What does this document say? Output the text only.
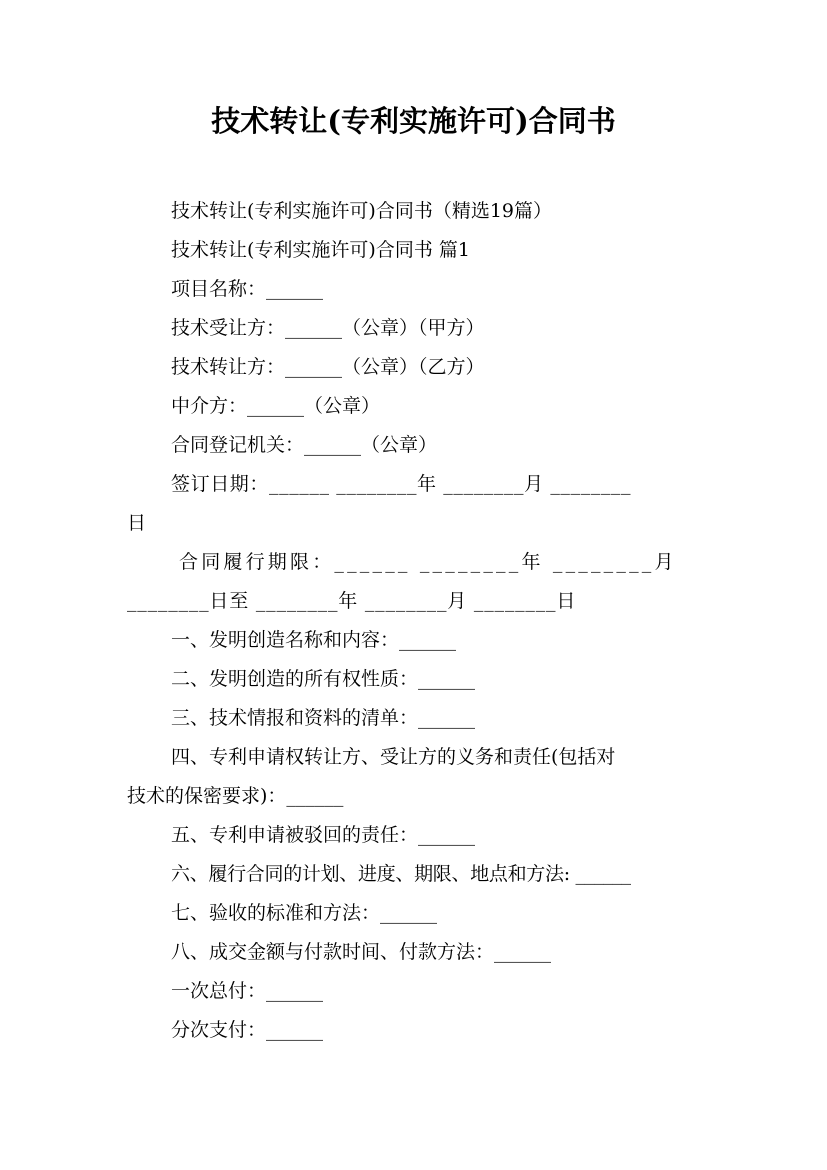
技术转让(专利实施许可)合同书
技术转让(专利实施许可)合同书（精选19篇）
技术转让(专利实施许可)合同书 篇1
项目名称：______
技术受让方：______（公章）（甲方）
技术转让方：______（公章）（乙方）
中介方：______（公章）
合同登记机关：______（公章）
签订日期：______ ________年 ________月 ________
日
合同履行期限：______ ________年 ________月
________日至 ________年 ________月 ________日
一、发明创造名称和内容：______
二、发明创造的所有权性质：______
三、技术情报和资料的清单：______
四、专利申请权转让方、受让方的义务和责任(包括对
技术的保密要求)：______
五、专利申请被驳回的责任：______
六、履行合同的计划、进度、期限、地点和方法: ______
七、验收的标准和方法：______
八、成交金额与付款时间、付款方法：______
一次总付：______
分次支付：______
